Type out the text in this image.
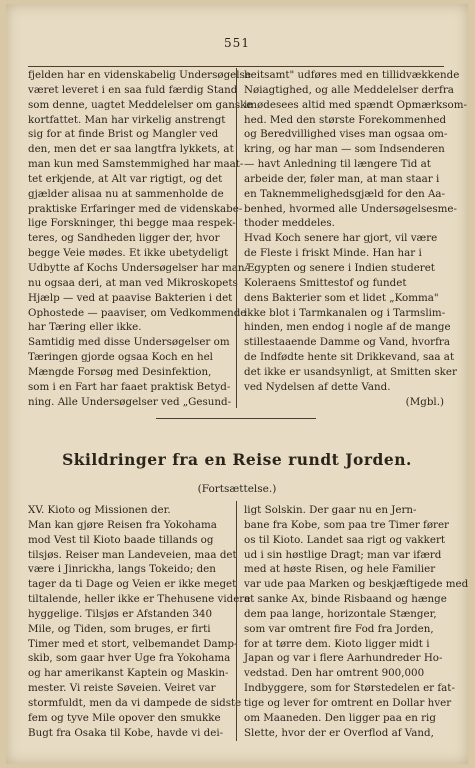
551
fjelden har en videnskabelig Undersøgelse
været leveret i en saa fuld færdig Stand
som denne, uagtet Meddelelser om ganske
kortfattet. Man har virkelig anstrengt
sig for at finde Brist og Mangler ved
den, men det er saa langtfra lykkets, at
man kun med Samstemmighed har maat-
tet erkjende, at Alt var rigtigt, og det
gjælder alisaa nu at sammenholde de
praktiske Erfaringer med de videnskabe-
lige Forskninger, thi begge maa respek-
teres, og Sandheden ligger der, hvor
begge Veie mødes. Et ikke ubetydeligt
Udbytte af Kochs Undersøgelser har man
nu ogsaa deri, at man ved Mikroskopets
Hjælp — ved at paavise Bakterien i det
Ophostede — paaviser, om Vedkommende
har Tæring eller ikke.
Samtidig med disse Undersøgelser om
Tæringen gjorde ogsaa Koch en hel
Mængde Forsøg med Desinfektion,
som i en Fart har faaet praktisk Betyd-
ning. Alle Undersøgelser ved „Gesund-
heitsamt" udføres med en tillidvækkende
Nøiagtighed, og alle Meddelelser derfra
imødesees altid med spændt Opmærksom-
hed. Med den største Forekommenhed
og Beredvillighed vises man ogsaa om-
kring, og har man — som Indsenderen
— havt Anledning til længere Tid at
arbeide der, føler man, at man staar i
en Taknemmelighedsgjæld for den Aa-
benhed, hvormed alle Undersøgelsesme-
thoder meddeles.
Hvad Koch senere har gjort, vil være
de Fleste i friskt Minde. Han har i
Ægypten og senere i Indien studeret
Koleraens Smittestof og fundet
dens Bakterier som et lidet „Komma"
ikke blot i Tarmkanalen og i Tarmslim-
hinden, men endog i nogle af de mange
stillestaaende Damme og Vand, hvorfra
de Indfødte hente sit Drikkevand, saa at
det ikke er usandsynligt, at Smitten sker
ved Nydelsen af dette Vand.
(Mgbl.)
Skildringer fra en Reise rundt Jorden.
(Fortsættelse.)
XV. Kioto og Missionen der.
Man kan gjøre Reisen fra Yokohama
mod Vest til Kioto baade tillands og
tilsjøs. Reiser man Landeveien, maa det
være i Jinrickha, langs Tokeido; den
tager da ti Dage og Veien er ikke meget
tiltalende, heller ikke er Thehusene videre
hyggelige. Tilsjøs er Afstanden 340
Mile, og Tiden, som bruges, er firti
Timer med et stort, velbemandet Damp-
skib, som gaar hver Uge fra Yokohama
og har amerikanst Kaptein og Maskin-
mester. Vi reiste Søveien. Veiret var
stormfuldt, men da vi dampede de sidste
fem og tyve Mile opover den smukke
Bugt fra Osaka til Kobe, havde vi dei-
ligt Solskin. Der gaar nu en Jern-
bane fra Kobe, som paa tre Timer fører
os til Kioto. Landet saa rigt og vakkert
ud i sin høstlige Dragt; man var ifærd
med at høste Risen, og hele Familier
var ude paa Marken og beskjæftigede med
at sanke Ax, binde Risbaand og hænge
dem paa lange, horizontale Stænger,
som var omtrent fire Fod fra Jorden,
for at tørre dem. Kioto ligger midt i
Japan og var i flere Aarhundreder Ho-
vedstad. Den har omtrent 900,000
Indbyggere, som for Størstedelen er fat-
tige og lever for omtrent en Dollar hver
om Maaneden. Den ligger paa en rig
Slette, hvor der er Overflod af Vand,
